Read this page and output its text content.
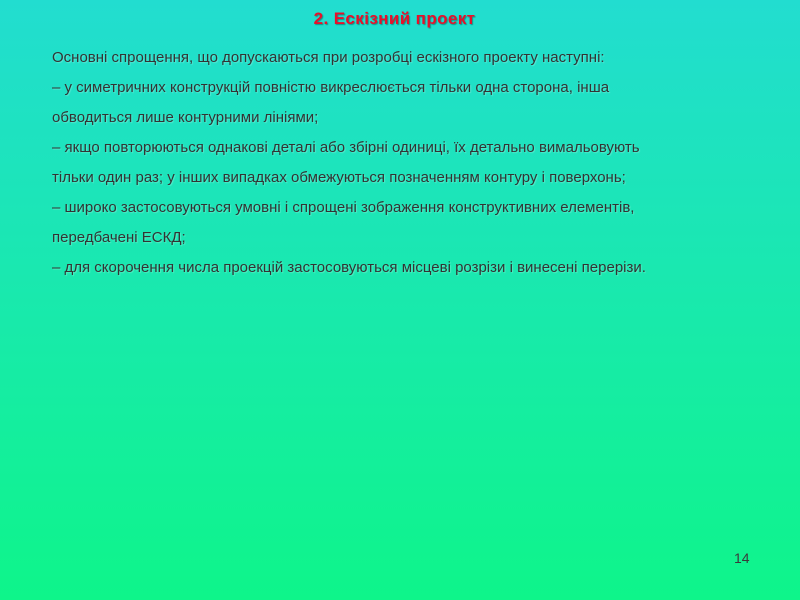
2. Ескізний проект
Основні спрощення, що допускаються при розробці ескізного проекту наступні:
– у симетричних конструкцій повністю викреслюється тільки одна сторона, інша
обводиться лише контурними лініями;
– якщо повторюються однакові деталі або збірні одиниці, їх детально вимальовують
тільки один раз; у інших випадках обмежуються позначенням контуру і поверхонь;
– широко застосовуються умовні і спрощені зображення конструктивних елементів,
передбачені ЕСКД;
– для скорочення числа проекцій застосовуються місцеві розрізи і винесені перерізи.
14
